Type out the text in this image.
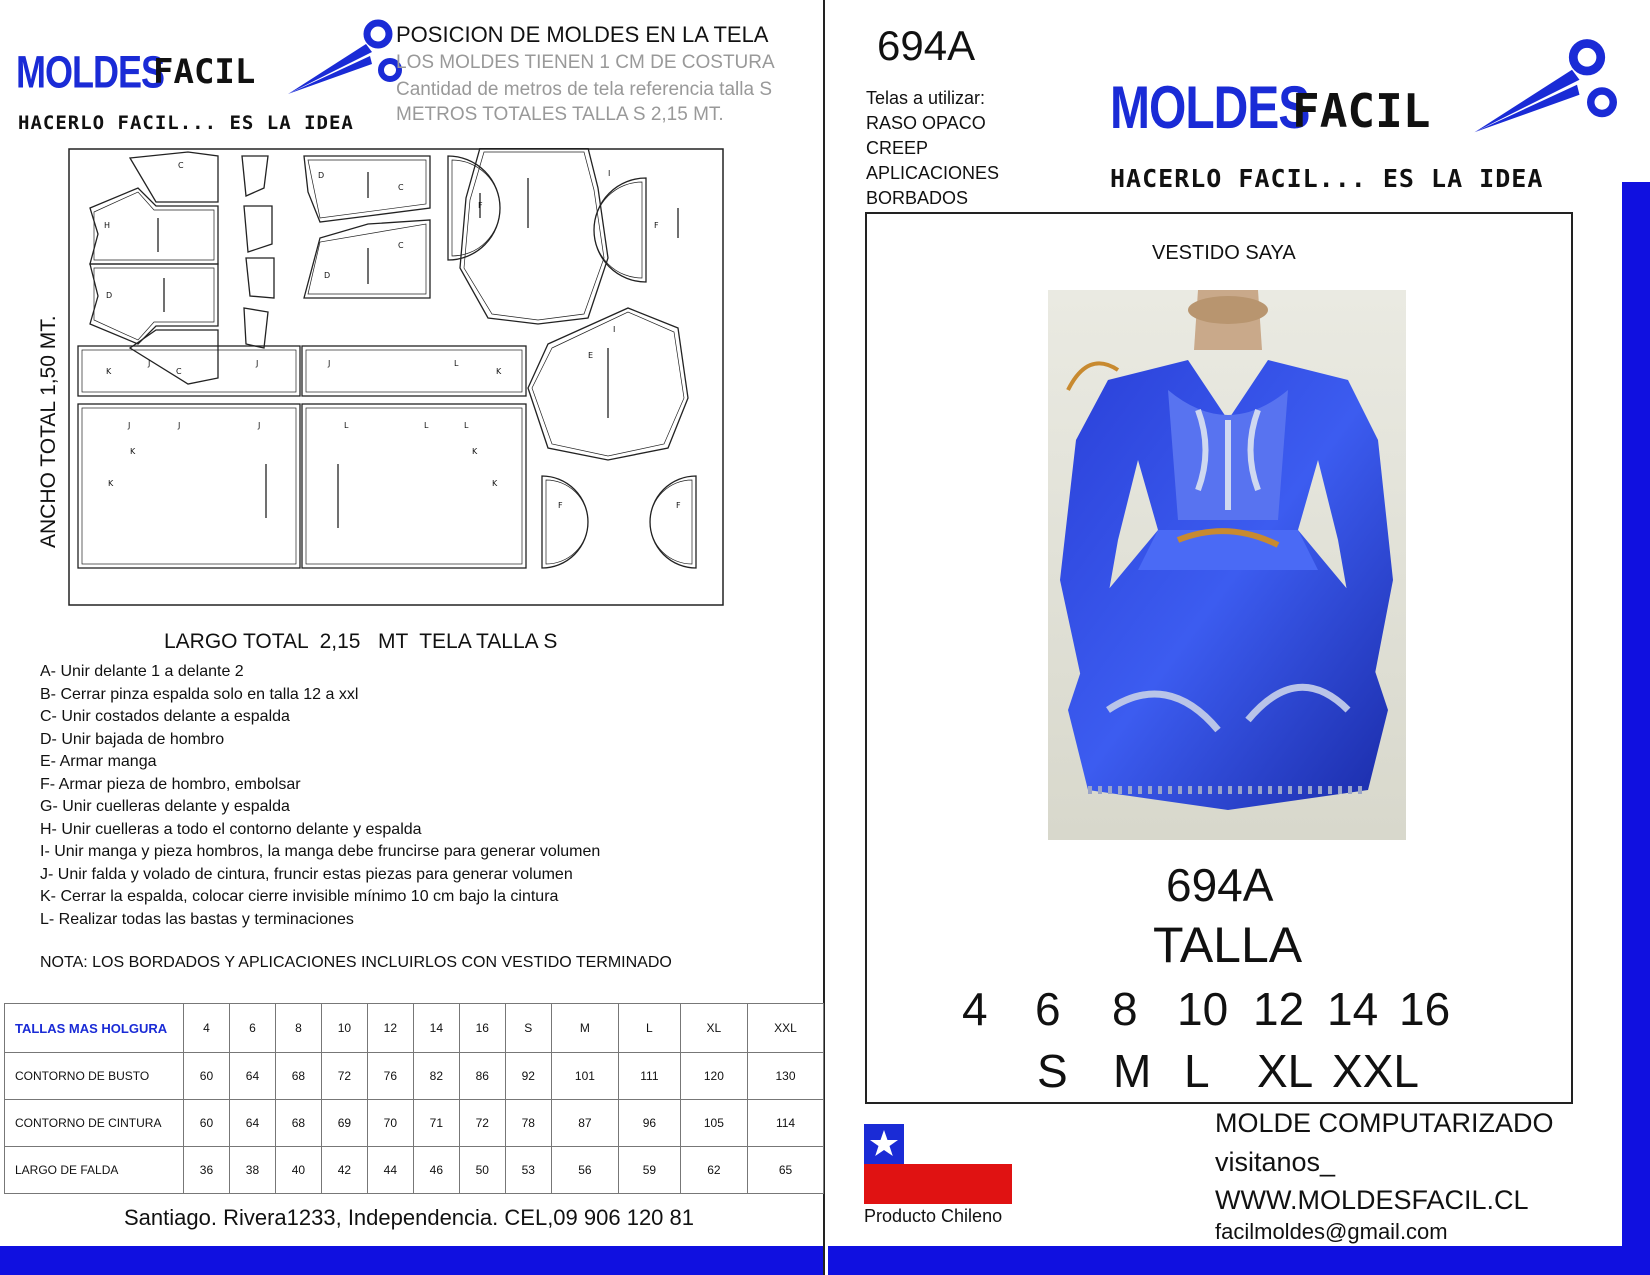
MOLDES
FACIL
HACERLO FACIL... ES LA IDEA
POSICION DE MOLDES EN LA TELA
LOS MOLDES TIENEN 1 CM DE COSTURA
Cantidad de metros de tela referencia talla S
METROS TOTALES TALLA S 2,15 MT.
ANCHO TOTAL 1,50 MT.
H
D
C
C
D
D
C
C
F
F
I
I
K
J	J	J	L
K
J	J	J
K
K
L	L	L
K
K
F	F
E
LARGO TOTAL  2,15   MT  TELA TALLA S
A- Unir delante 1 a delante 2
B- Cerrar pinza espalda solo en talla 12 a xxl
C- Unir costados delante a espalda
D- Unir bajada de hombro
E- Armar manga
F- Armar pieza de hombro, embolsar
G- Unir cuelleras delante y espalda
H- Unir cuelleras a todo el contorno delante y espalda
I- Unir manga y pieza hombros, la manga debe fruncirse para generar volumen
J- Unir falda y volado de cintura, fruncir estas piezas para generar volumen
K- Cerrar la espalda, colocar cierre invisible mínimo 10 cm bajo la cintura
L- Realizar todas las bastas y terminaciones
NOTA: LOS BORDADOS Y APLICACIONES INCLUIRLOS CON VESTIDO TERMINADO
TALLAS MAS HOLGURA	4	6	8	10	12	14	16	S	M	L	XL	XXL
CONTORNO DE BUSTO	60	64	68	72	76	82	86	92	101	111	120	130
CONTORNO DE CINTURA	60	64	68	69	70	71	72	78	87	96	105	114
LARGO DE FALDA	36	38	40	42	44	46	50	53	56	59	62	65
Santiago. Rivera1233, Independencia. CEL,09 906 120 81
694A
Telas a utilizar:
RASO OPACO
CREEP
APLICACIONES
BORBADOS
MOLDES
FACIL
HACERLO FACIL... ES LA IDEA
VESTIDO SAYA
694A
TALLA
4 6 8 10 12 14 16
S M L XL XXL
Producto Chileno
MOLDE COMPUTARIZADO
visitanos_
WWW.MOLDESFACIL.CL
facilmoldes@gmail.com
